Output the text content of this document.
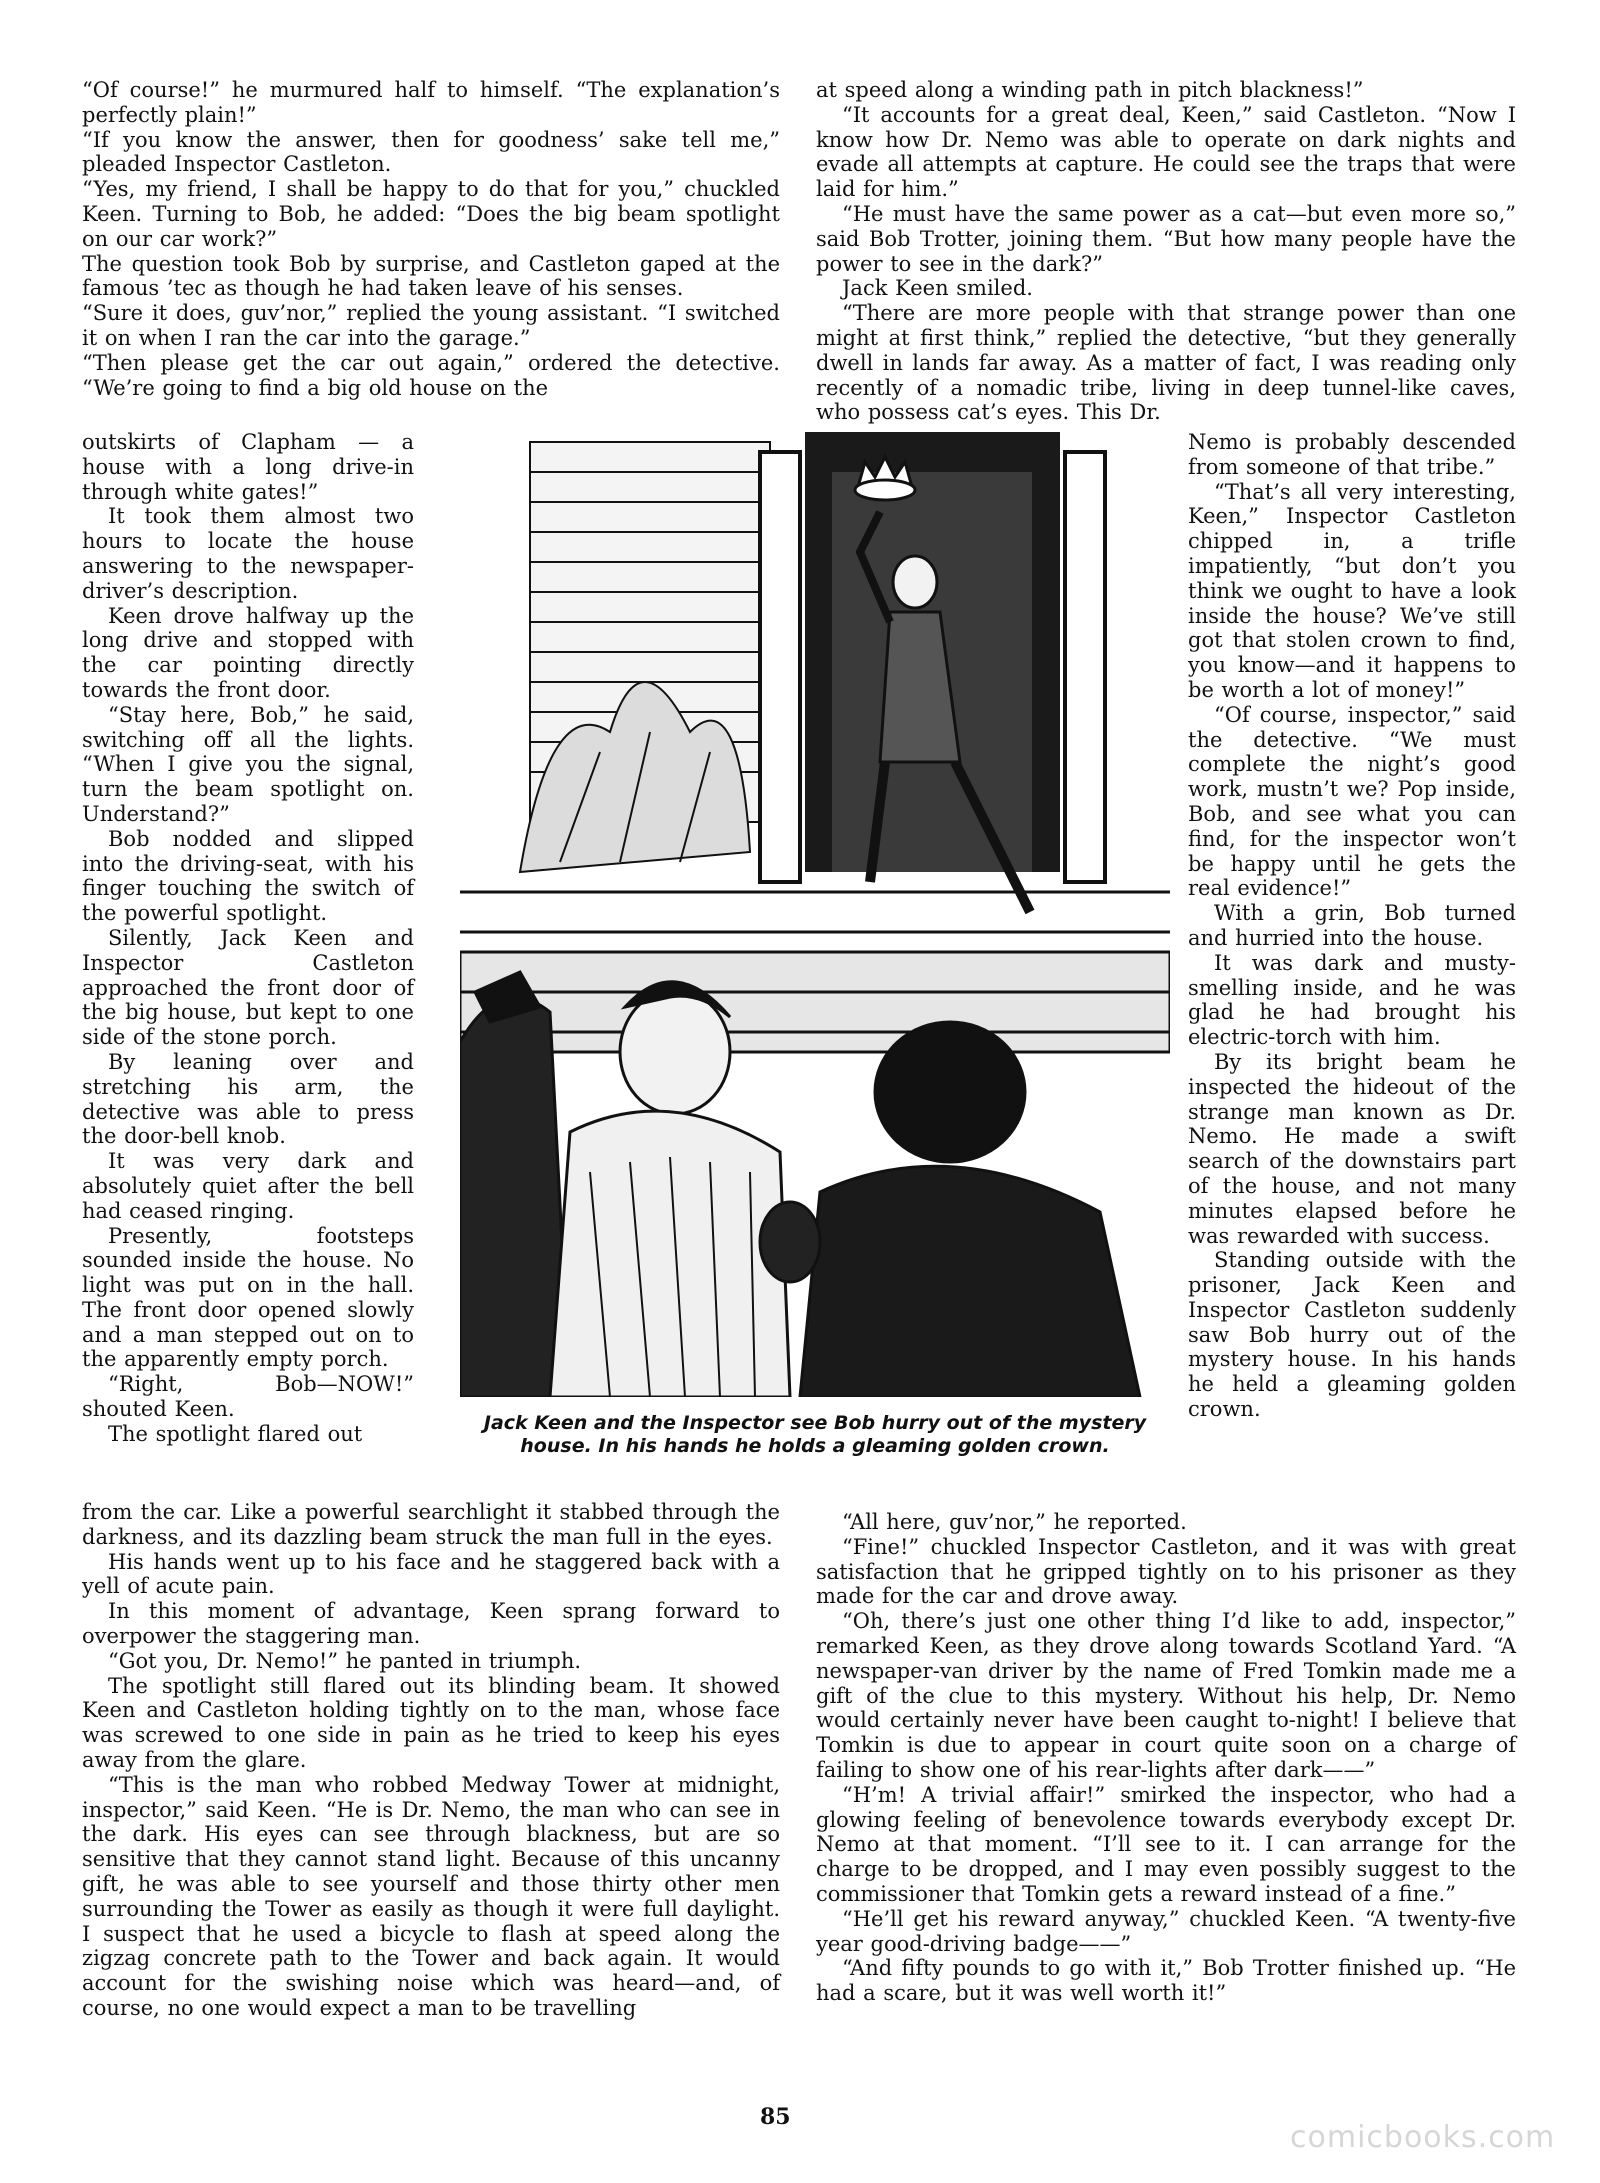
“Of course!” he murmured half to himself. “The explanation’s perfectly plain!”

“If you know the answer, then for goodness’ sake tell me,” pleaded Inspector Castleton.

“Yes, my friend, I shall be happy to do that for you,” chuckled Keen. Turning to Bob, he added: “Does the big beam spotlight on our car work?”

The question took Bob by surprise, and Castleton gaped at the famous ’tec as though he had taken leave of his senses.

“Sure it does, guv’nor,” replied the young assistant. “I switched it on when I ran the car into the garage.”

“Then please get the car out again,” ordered the detective. “We’re going to find a big old house on the

at speed along a winding path in pitch blackness!”

“It accounts for a great deal, Keen,” said Castleton. “Now I know how Dr. Nemo was able to operate on dark nights and evade all attempts at capture. He could see the traps that were laid for him.”

“He must have the same power as a cat—but even more so,” said Bob Trotter, joining them. “But how many people have the power to see in the dark?”

Jack Keen smiled.

“There are more people with that strange power than one might at first think,” replied the detective, “but they generally dwell in lands far away. As a matter of fact, I was reading only recently of a nomadic tribe, living in deep tunnel-like caves, who possess cat’s eyes. This Dr.

outskirts of Clapham — a house with a long drive-in through white gates!”

It took them almost two hours to locate the house answering to the newspaper-driver’s description.

Keen drove halfway up the long drive and stopped with the car pointing directly towards the front door.

“Stay here, Bob,” he said, switching off all the lights. “When I give you the signal, turn the beam spotlight on. Understand?”

Bob nodded and slipped into the driving-seat, with his finger touching the switch of the powerful spotlight.

Silently, Jack Keen and Inspector Castleton approached the front door of the big house, but kept to one side of the stone porch.

By leaning over and stretching his arm, the detective was able to press the door-bell knob.

It was very dark and absolutely quiet after the bell had ceased ringing.

Presently, footsteps sounded inside the house. No light was put on in the hall. The front door opened slowly and a man stepped out on to the apparently empty porch.

“Right, Bob—NOW!” shouted Keen.

The spotlight flared out

Nemo is probably descended from someone of that tribe.”

“That’s all very interesting, Keen,” Inspector Castleton chipped in, a trifle impatiently, “but don’t you think we ought to have a look inside the house? We’ve still got that stolen crown to find, you know—and it happens to be worth a lot of money!”

“Of course, inspector,” said the detective. “We must complete the night’s good work, mustn’t we? Pop inside, Bob, and see what you can find, for the inspector won’t be happy until he gets the real evidence!”

With a grin, Bob turned and hurried into the house.

It was dark and musty-smelling inside, and he was glad he had brought his electric-torch with him.

By its bright beam he inspected the hideout of the strange man known as Dr. Nemo. He made a swift search of the downstairs part of the house, and not many minutes elapsed before he was rewarded with success.

Standing outside with the prisoner, Jack Keen and Inspector Castleton suddenly saw Bob hurry out of the mystery house. In his hands he held a gleaming golden crown.

Jack Keen and the Inspector see Bob hurry out of the mystery house. In his hands he holds a gleaming golden crown.

from the car. Like a powerful searchlight it stabbed through the darkness, and its dazzling beam struck the man full in the eyes.

His hands went up to his face and he staggered back with a yell of acute pain.

In this moment of advantage, Keen sprang forward to overpower the staggering man.

“Got you, Dr. Nemo!” he panted in triumph.

The spotlight still flared out its blinding beam. It showed Keen and Castleton holding tightly on to the man, whose face was screwed to one side in pain as he tried to keep his eyes away from the glare.

“This is the man who robbed Medway Tower at midnight, inspector,” said Keen. “He is Dr. Nemo, the man who can see in the dark. His eyes can see through blackness, but are so sensitive that they cannot stand light. Because of this uncanny gift, he was able to see yourself and those thirty other men surrounding the Tower as easily as though it were full daylight. I suspect that he used a bicycle to flash at speed along the zigzag concrete path to the Tower and back again. It would account for the swishing noise which was heard—and, of course, no one would expect a man to be travelling

“All here, guv’nor,” he reported.

“Fine!” chuckled Inspector Castleton, and it was with great satisfaction that he gripped tightly on to his prisoner as they made for the car and drove away.

“Oh, there’s just one other thing I’d like to add, inspector,” remarked Keen, as they drove along towards Scotland Yard. “A newspaper-van driver by the name of Fred Tomkin made me a gift of the clue to this mystery. Without his help, Dr. Nemo would certainly never have been caught to-night! I believe that Tomkin is due to appear in court quite soon on a charge of failing to show one of his rear-lights after dark——”

“H’m! A trivial affair!” smirked the inspector, who had a glowing feeling of benevolence towards everybody except Dr. Nemo at that moment. “I’ll see to it. I can arrange for the charge to be dropped, and I may even possibly suggest to the commissioner that Tomkin gets a reward instead of a fine.”

“He’ll get his reward anyway,” chuckled Keen. “A twenty-five year good-driving badge——”

“And fifty pounds to go with it,” Bob Trotter finished up. “He had a scare, but it was well worth it!”

85

comicbooks.com
